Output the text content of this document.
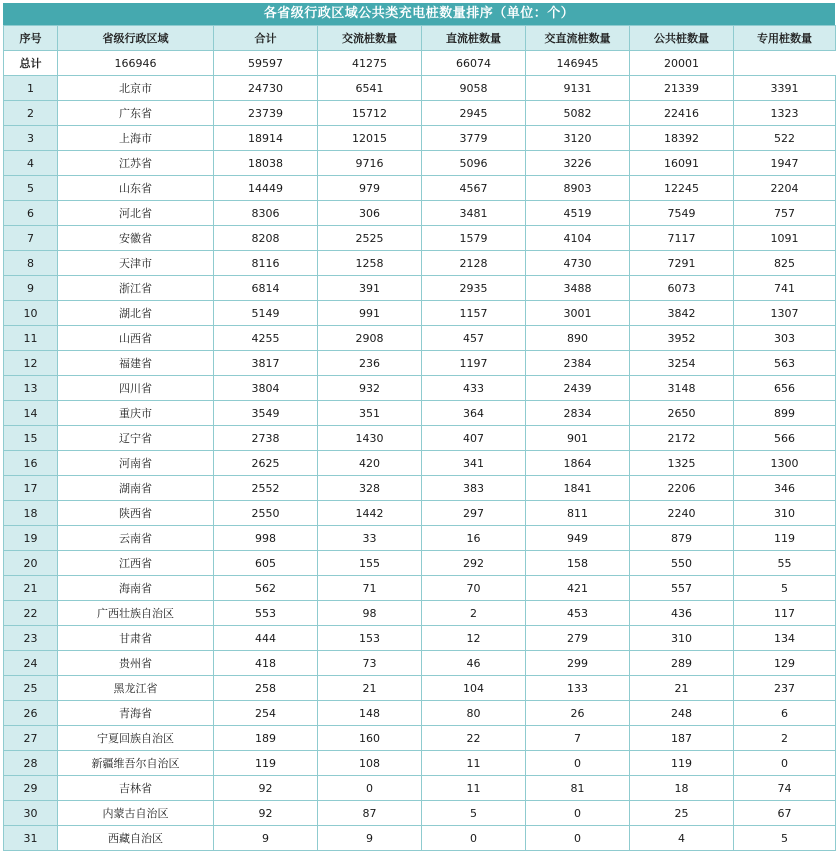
各省级行政区域公共类充电桩数量排序（单位：个）
序号	省级行政区域	合计	交流桩数量	直流桩数量	交直流桩数量	公共桩数量	专用桩数量
总计	166946	59597	41275	66074	146945	20001	
1	北京市	24730	6541	9058	9131	21339	3391
2	广东省	23739	15712	2945	5082	22416	1323
3	上海市	18914	12015	3779	3120	18392	522
4	江苏省	18038	9716	5096	3226	16091	1947
5	山东省	14449	979	4567	8903	12245	2204
6	河北省	8306	306	3481	4519	7549	757
7	安徽省	8208	2525	1579	4104	7117	1091
8	天津市	8116	1258	2128	4730	7291	825
9	浙江省	6814	391	2935	3488	6073	741
10	湖北省	5149	991	1157	3001	3842	1307
11	山西省	4255	2908	457	890	3952	303
12	福建省	3817	236	1197	2384	3254	563
13	四川省	3804	932	433	2439	3148	656
14	重庆市	3549	351	364	2834	2650	899
15	辽宁省	2738	1430	407	901	2172	566
16	河南省	2625	420	341	1864	1325	1300
17	湖南省	2552	328	383	1841	2206	346
18	陕西省	2550	1442	297	811	2240	310
19	云南省	998	33	16	949	879	119
20	江西省	605	155	292	158	550	55
21	海南省	562	71	70	421	557	5
22	广西壮族自治区	553	98	2	453	436	117
23	甘肃省	444	153	12	279	310	134
24	贵州省	418	73	46	299	289	129
25	黑龙江省	258	21	104	133	21	237
26	青海省	254	148	80	26	248	6
27	宁夏回族自治区	189	160	22	7	187	2
28	新疆维吾尔自治区	119	108	11	0	119	0
29	吉林省	92	0	11	81	18	74
30	内蒙古自治区	92	87	5	0	25	67
31	西藏自治区	9	9	0	0	4	5
